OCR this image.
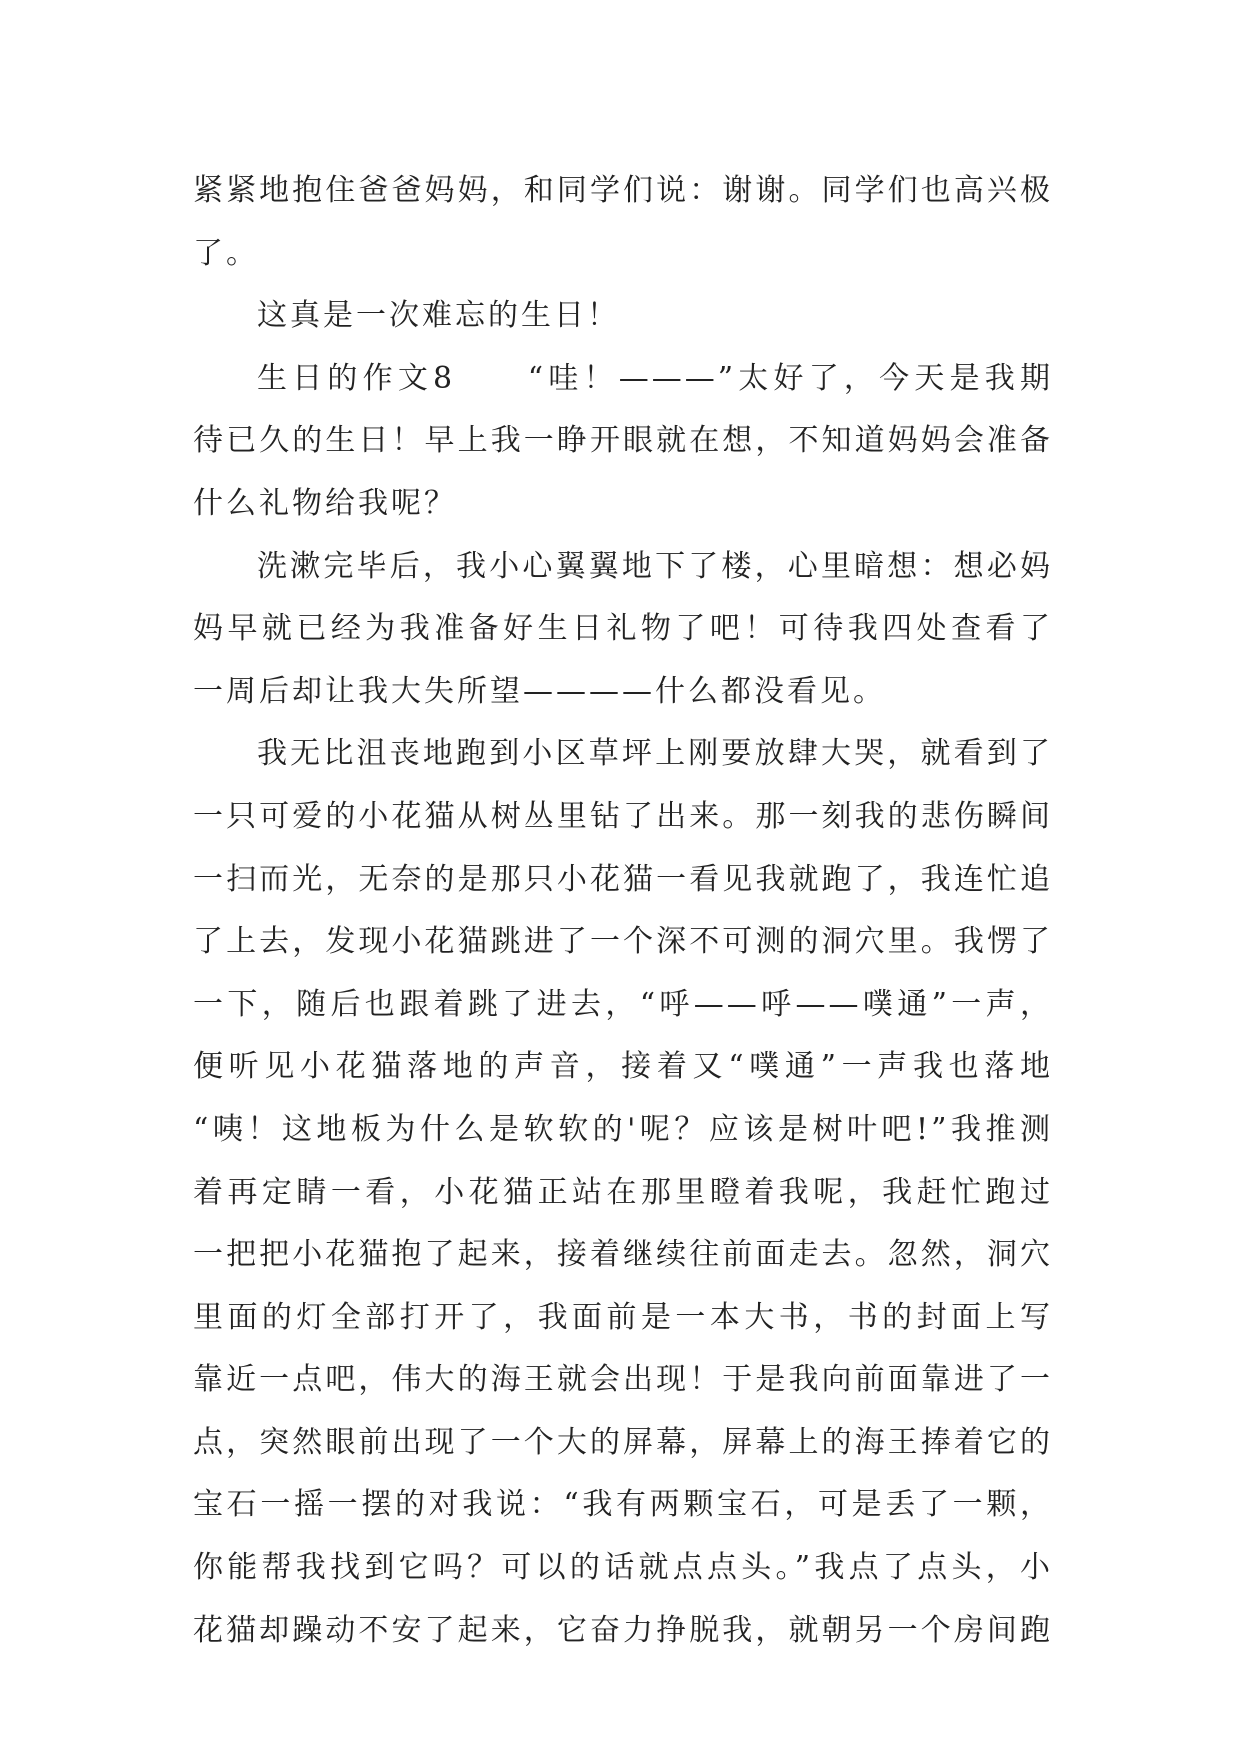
紧紧地抱住爸爸妈妈，和同学们说：谢谢。同学们也高兴极
了。
这真是一次难忘的生日！
生日的作文8　　“哇！———”太好了，今天是我期
待已久的生日！早上我一睁开眼就在想，不知道妈妈会准备
什么礼物给我呢？
洗漱完毕后，我小心翼翼地下了楼，心里暗想：想必妈
妈早就已经为我准备好生日礼物了吧！可待我四处查看了
一周后却让我大失所望————什么都没看见。
我无比沮丧地跑到小区草坪上刚要放肆大哭，就看到了
一只可爱的小花猫从树丛里钻了出来。那一刻我的悲伤瞬间
一扫而光，无奈的是那只小花猫一看见我就跑了，我连忙追
了上去，发现小花猫跳进了一个深不可测的洞穴里。我愣了
一下，随后也跟着跳了进去，“呼——呼——噗通”一声，
便听见小花猫落地的声音，接着又“噗通”一声我也落地
“咦！这地板为什么是软软的'呢？应该是树叶吧!”我推测
着再定睛一看，小花猫正站在那里瞪着我呢，我赶忙跑过
一把把小花猫抱了起来，接着继续往前面走去。忽然，洞穴
里面的灯全部打开了，我面前是一本大书，书的封面上写
靠近一点吧，伟大的海王就会出现！于是我向前面靠进了一
点，突然眼前出现了一个大的屏幕，屏幕上的海王捧着它的
宝石一摇一摆的对我说：“我有两颗宝石，可是丢了一颗，
你能帮我找到它吗？可以的话就点点头。”我点了点头，小
花猫却躁动不安了起来，它奋力挣脱我，就朝另一个房间跑
